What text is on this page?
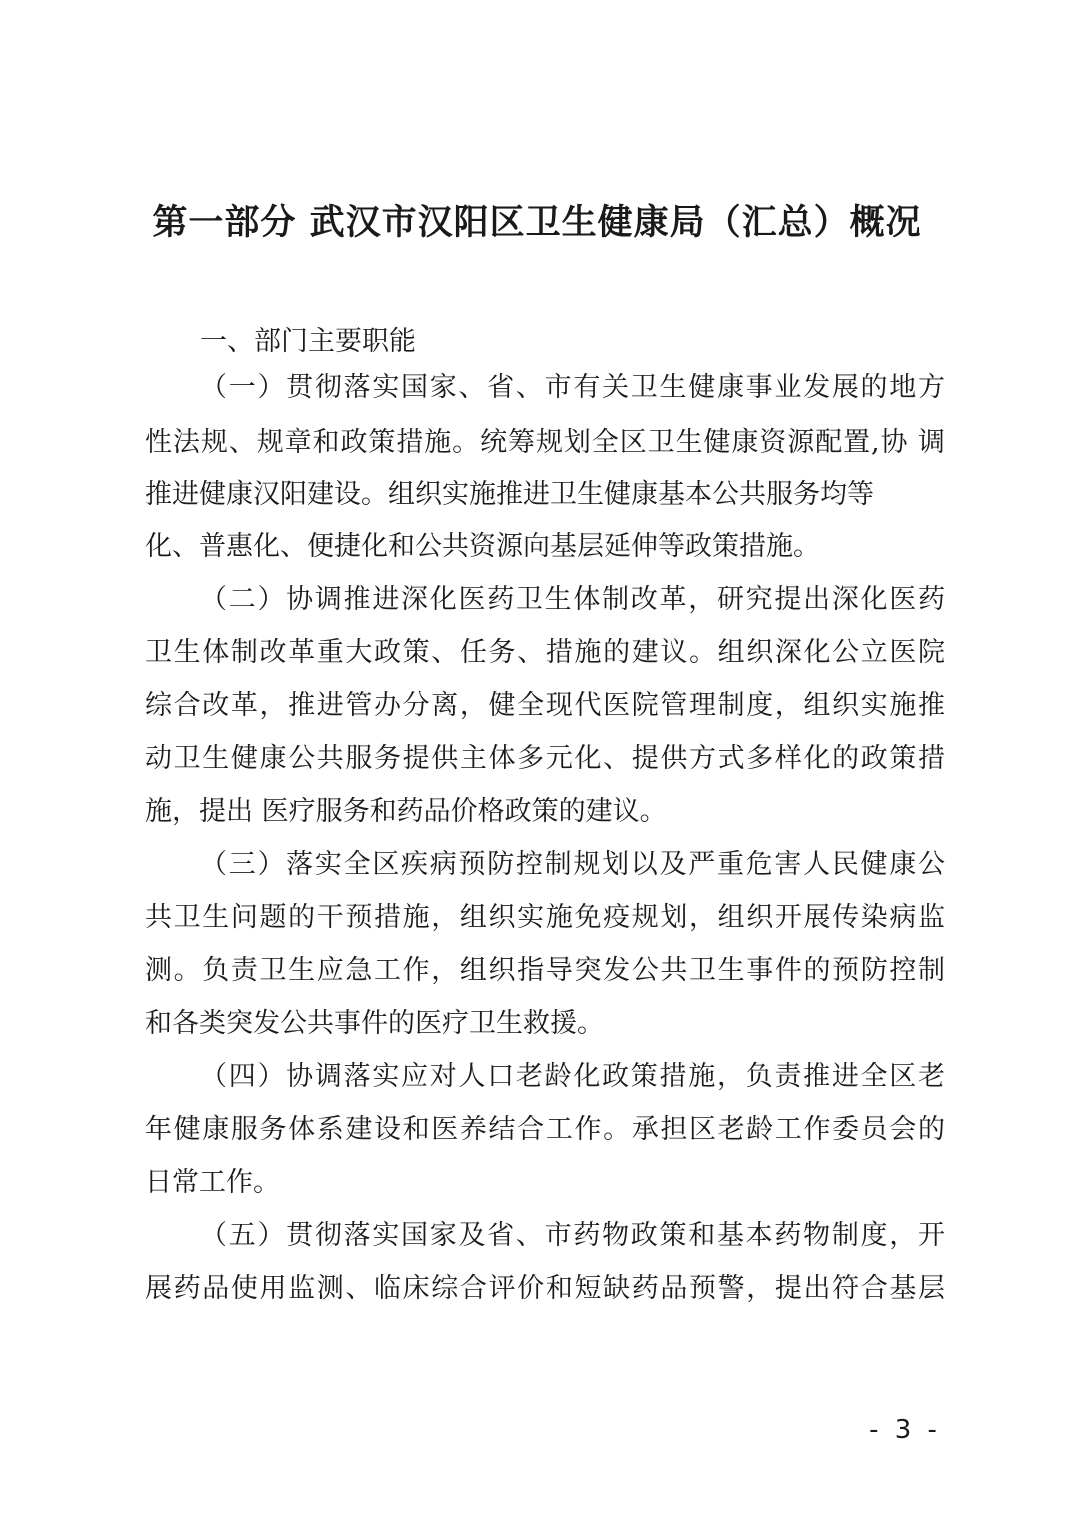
第一部分 武汉市汉阳区卫生健康局（汇总）概况

一、部门主要职能

（一）贯彻落实国家、省、市有关卫生健康事业发展的地方

性法规、规章和政策措施。统筹规划全区卫生健康资源配置,协 调

推进健康汉阳建设。组织实施推进卫生健康基本公共服务均等

化、普惠化、便捷化和公共资源向基层延伸等政策措施。

（二）协调推进深化医药卫生体制改革，研究提出深化医药

卫生体制改革重大政策、任务、措施的建议。组织深化公立医院

综合改革，推进管办分离，健全现代医院管理制度，组织实施推

动卫生健康公共服务提供主体多元化、提供方式多样化的政策措

施，提出 医疗服务和药品价格政策的建议。

（三）落实全区疾病预防控制规划以及严重危害人民健康公

共卫生问题的干预措施，组织实施免疫规划，组织开展传染病监

测。负责卫生应急工作，组织指导突发公共卫生事件的预防控制

和各类突发公共事件的医疗卫生救援。

（四）协调落实应对人口老龄化政策措施，负责推进全区老

年健康服务体系建设和医养结合工作。承担区老龄工作委员会的

日常工作。

（五）贯彻落实国家及省、市药物政策和基本药物制度，开

展药品使用监测、临床综合评价和短缺药品预警，提出符合基层

- 3 -
